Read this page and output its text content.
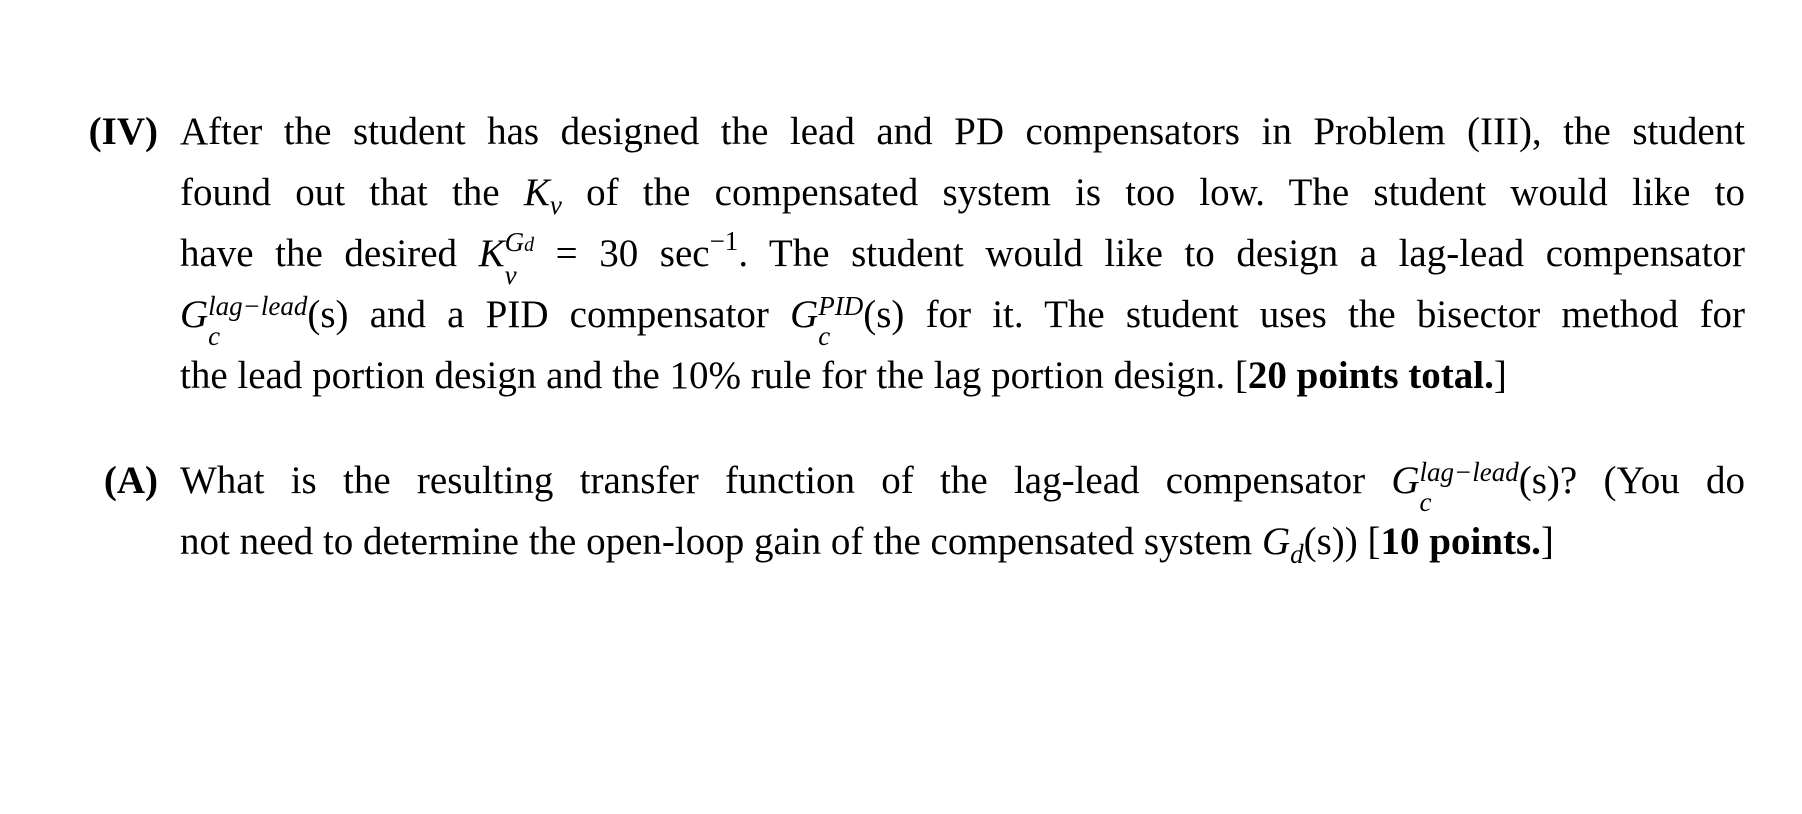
(IV) After the student has designed the lead and PD compensators in Problem (III), the student
found out that the $K_v$ of the compensated system is too low. The student would like to
have the desired K Gd
v	= 30 $\sec^{-1}$. The student would like to design a lag-lead compensator
G lag−lead
c	(s) and a PID compensator G PID
c (s) for it. The student uses the bisector method for
the lead portion design and the 10% rule for the lag portion design. [20 points total.]
(A) What is the resulting transfer function of the lag-lead compensator G lag−lead
c	(s)? (You do
not need to determine the open-loop gain of the compensated system $G_d(s)$) [10 points.]
